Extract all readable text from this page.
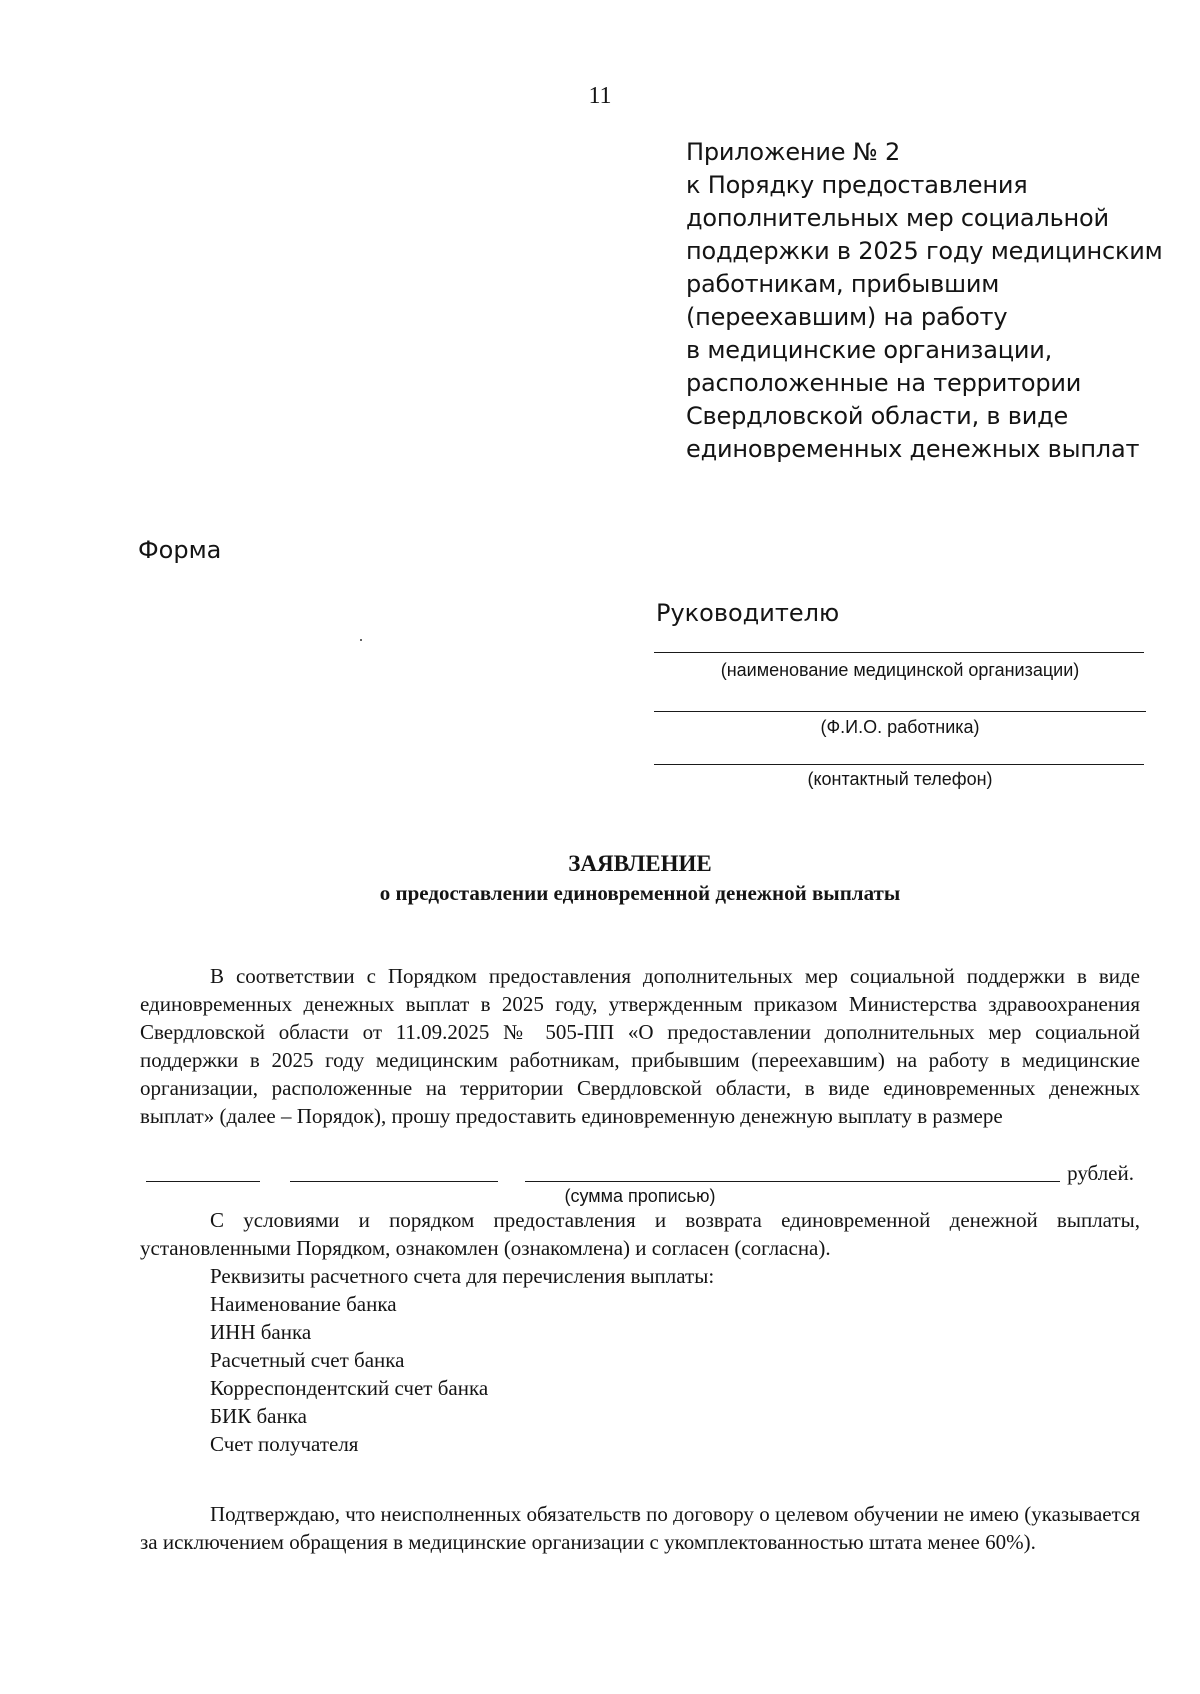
11
Приложение № 2
к Порядку предоставления
дополнительных мер социальной
поддержки в 2025 году медицинским
работникам, прибывшим
(переехавшим) на работу
в медицинские организации,
расположенные на территории
Свердловской области, в виде
единовременных денежных выплат
Форма
Руководителю
(наименование медицинской организации)
(Ф.И.О. работника)
(контактный телефон)
ЗАЯВЛЕНИЕ
о предоставлении единовременной денежной выплаты
В соответствии с Порядком предоставления дополнительных мер социальной поддержки в виде единовременных денежных выплат в 2025 году, утвержденным приказом Министерства здравоохранения Свердловской области от 11.09.2025 № 505-ПП «О предоставлении дополнительных мер социальной поддержки в 2025 году медицинским работникам, прибывшим (переехавшим) на работу в медицинские организации, расположенные на территории Свердловской области, в виде единовременных денежных выплат» (далее – Порядок), прошу предоставить единовременную денежную выплату в размере
рублей.
(сумма прописью)
С условиями и порядком предоставления и возврата единовременной денежной выплаты, установленными Порядком, ознакомлен (ознакомлена) и согласен (согласна).
Реквизиты расчетного счета для перечисления выплаты:
Наименование банка
ИНН банка
Расчетный счет банка
Корреспондентский счет банка
БИК банка
Счет получателя
Подтверждаю, что неисполненных обязательств по договору о целевом обучении не имею (указывается за исключением обращения в медицинские организации с укомплектованностью штата менее 60%).
